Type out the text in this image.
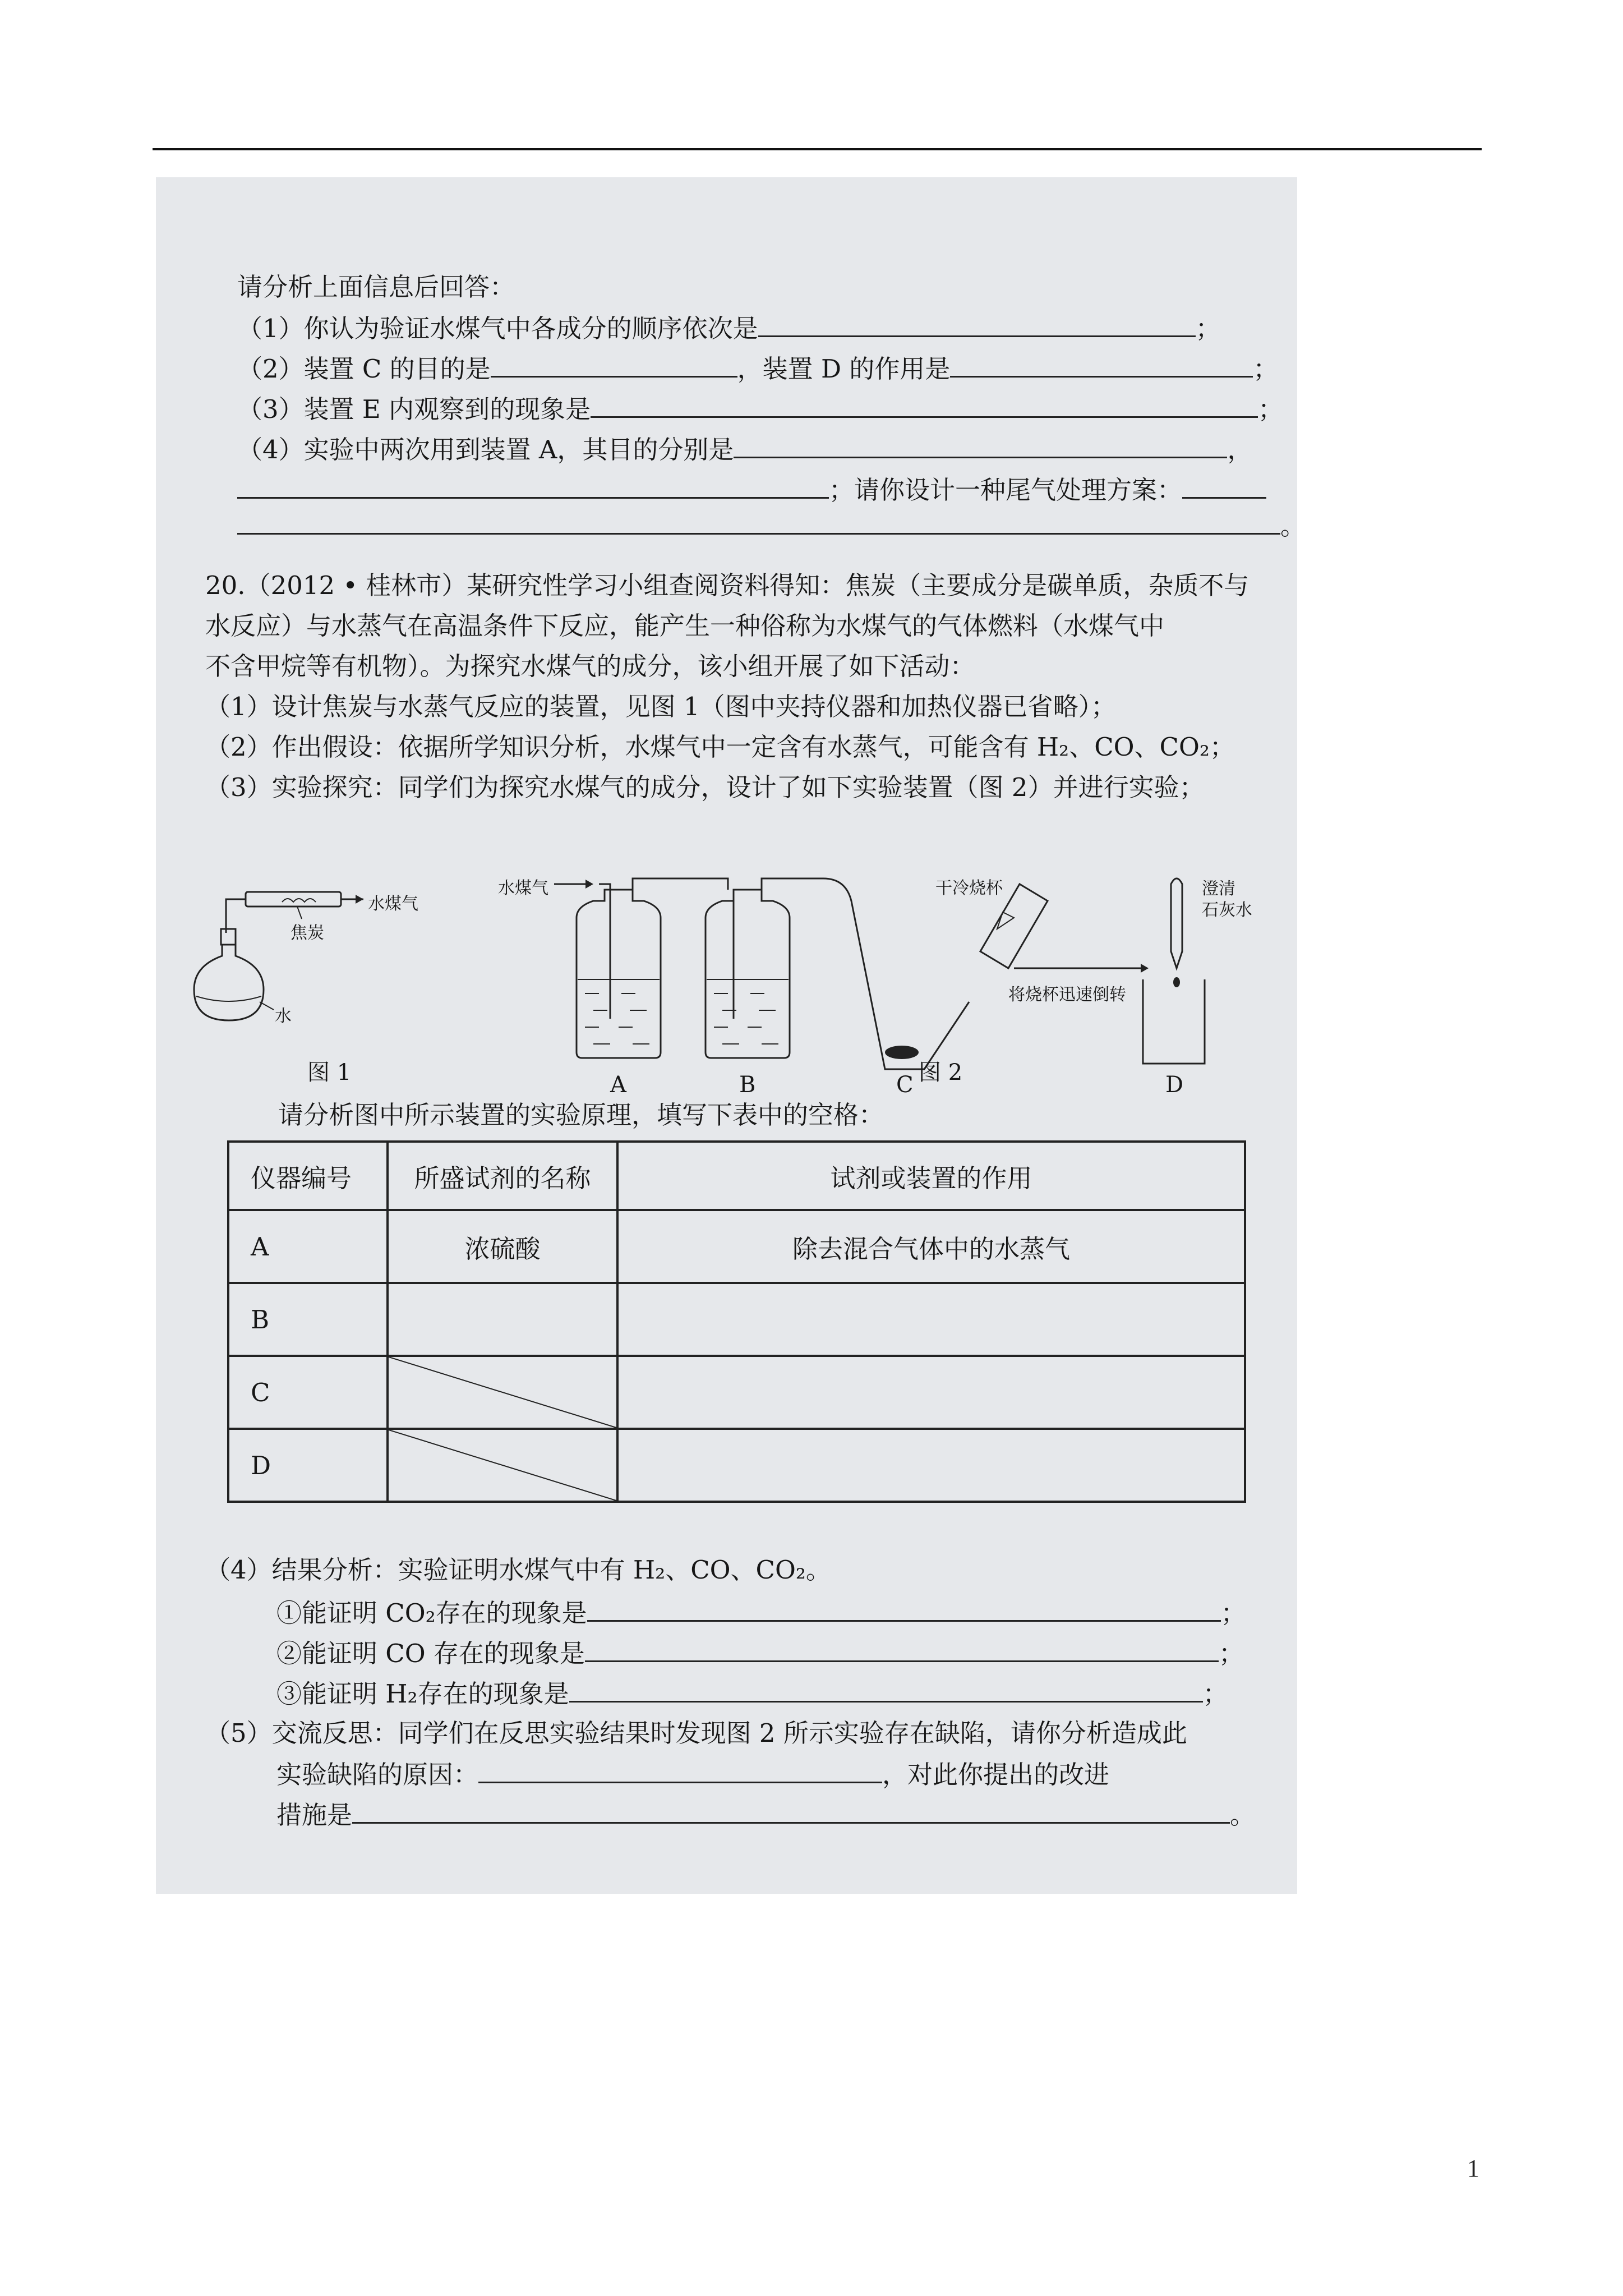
请分析上面信息后回答：
（1）你认为验证水煤气中各成分的顺序依次是	；
（2）装置 C 的目的是	，装置 D 的作用是	；
（3）装置 E 内观察到的现象是	；
（4）实验中两次用到装置 A，其目的分别是	，
；请你设计一种尾气处理方案：
。
20.（2012 • 桂林市）某研究性学习小组查阅资料得知：焦炭（主要成分是碳单质，杂质不与
水反应）与水蒸气在高温条件下反应，能产生一种俗称为水煤气的气体燃料（水煤气中
不含甲烷等有机物）。为探究水煤气的成分，该小组开展了如下活动：
（1）设计焦炭与水蒸气反应的装置，见图 1（图中夹持仪器和加热仪器已省略）；
（2）作出假设：依据所学知识分析，水煤气中一定含有水蒸气，可能含有 H₂、CO、CO₂；
（3）实验探究：同学们为探究水煤气的成分，设计了如下实验装置（图 2）并进行实验；
焦炭
水
水煤气
图 1
水煤气	干冷烧杯
将烧杯迅速倒转
澄清
石灰水
A	B	C	D
图 2
请分析图中所示装置的实验原理，填写下表中的空格：
仪器编号	所盛试剂的名称	试剂或装置的作用
A	浓硫酸	除去混合气体中的水蒸气
B		
C	

D	

（4）结果分析：实验证明水煤气中有 H₂、CO、CO₂。
①能证明 CO₂存在的现象是	；
②能证明 CO 存在的现象是	；
③能证明 H₂存在的现象是	；
（5）交流反思：同学们在反思实验结果时发现图 2 所示实验存在缺陷，请你分析造成此
实验缺陷的原因：	，对此你提出的改进
措施是	。
1
